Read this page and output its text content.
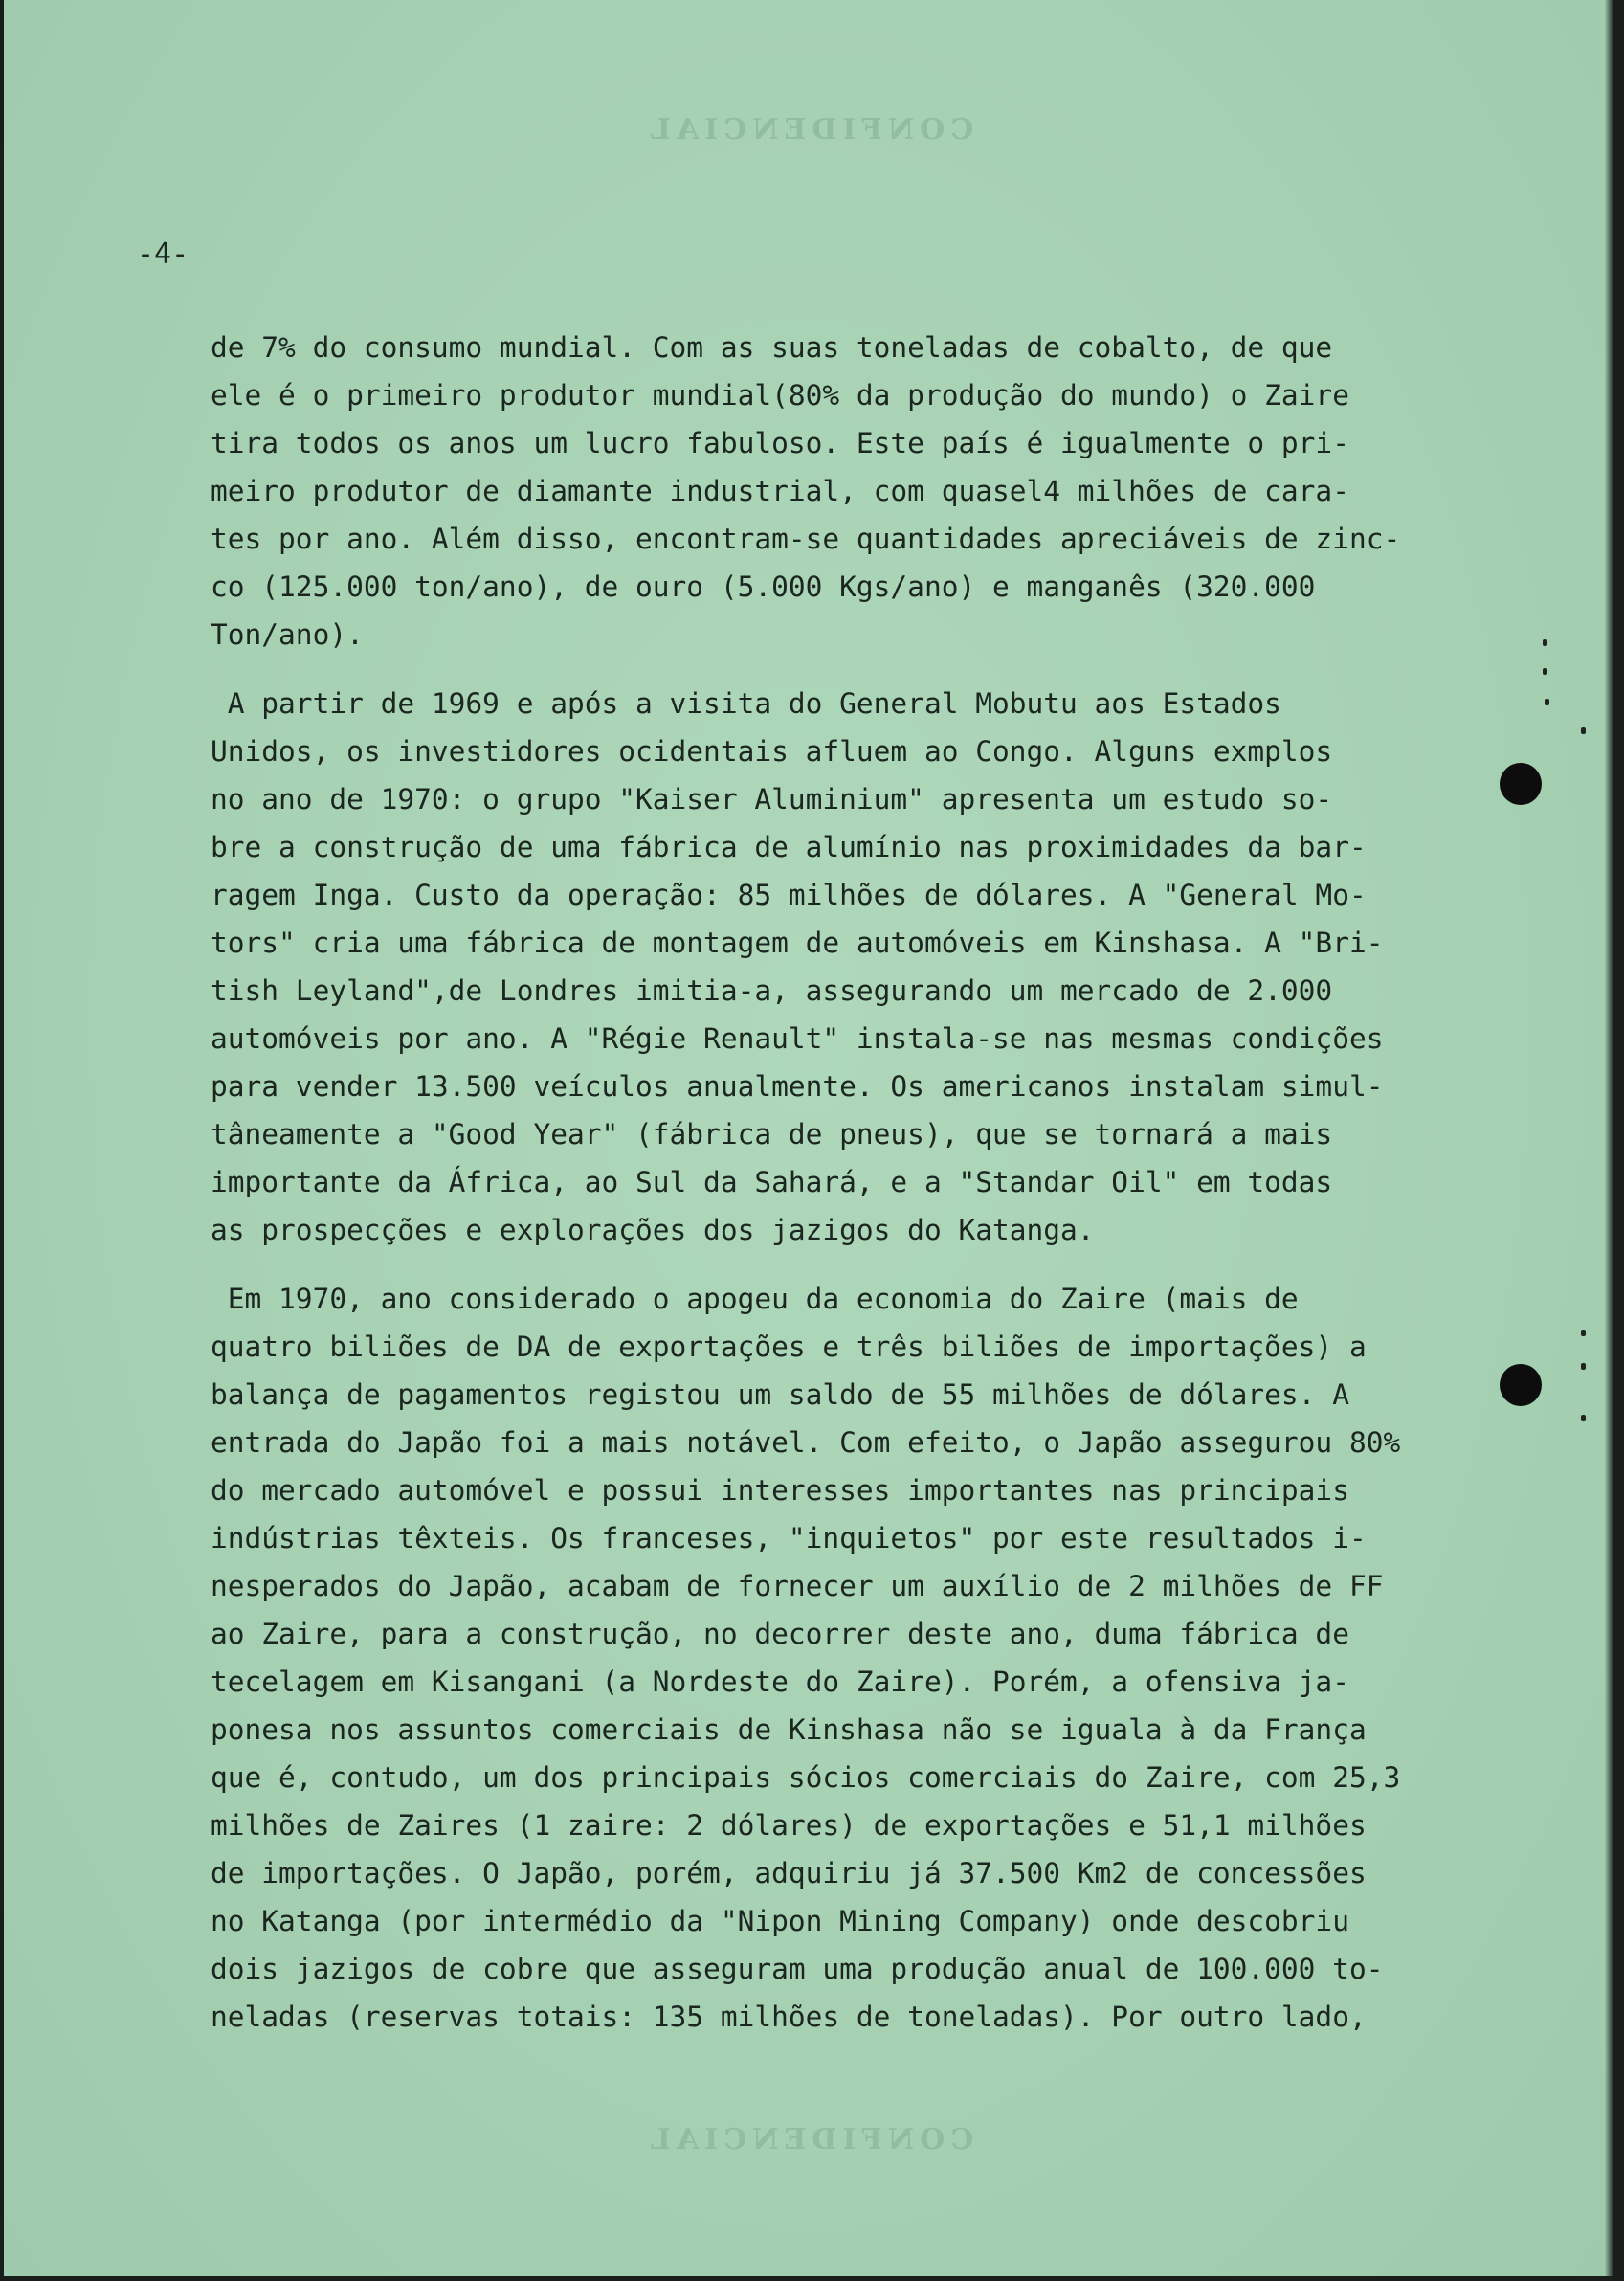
CONFIDENCIAL
CONFIDENCIAL
-4-

de 7% do consumo mundial. Com as suas toneladas de cobalto, de que

ele é o primeiro produtor mundial(80% da produção do mundo) o Zaire

tira todos os anos um lucro fabuloso. Este país é igualmente o pri-

meiro produtor de diamante industrial, com quasel4 milhões de cara-

tes por ano. Além disso, encontram-se quantidades apreciáveis de zinc-

co (125.000 ton/ano), de ouro (5.000 Kgs/ano) e manganês (320.000

Ton/ano).

A partir de 1969 e após a visita do General Mobutu aos Estados

Unidos, os investidores ocidentais afluem ao Congo. Alguns exmplos

no ano de 1970: o grupo "Kaiser Aluminium" apresenta um estudo so-

bre a construção de uma fábrica de alumínio nas proximidades da bar-

ragem Inga. Custo da operação: 85 milhões de dólares. A "General Mo-

tors" cria uma fábrica de montagem de automóveis em Kinshasa. A "Bri-

tish Leyland",de Londres imitia-a, assegurando um mercado de 2.000

automóveis por ano. A "Régie Renault" instala-se nas mesmas condições

para vender 13.500 veículos anualmente. Os americanos instalam simul-

tâneamente a "Good Year" (fábrica de pneus), que se tornará a mais

importante da África, ao Sul da Sahará, e a "Standar Oil" em todas

as prospecções e explorações dos jazigos do Katanga.

Em 1970, ano considerado o apogeu da economia do Zaire (mais de

quatro biliões de DA de exportações e três biliões de importações) a

balança de pagamentos registou um saldo de 55 milhões de dólares. A

entrada do Japão foi a mais notável. Com efeito, o Japão assegurou 80%

do mercado automóvel e possui interesses importantes nas principais

indústrias têxteis. Os franceses, "inquietos" por este resultados i-

nesperados do Japão, acabam de fornecer um auxílio de 2 milhões de FF

ao Zaire, para a construção, no decorrer deste ano, duma fábrica de

tecelagem em Kisangani (a Nordeste do Zaire). Porém, a ofensiva ja-

ponesa nos assuntos comerciais de Kinshasa não se iguala à da França

que é, contudo, um dos principais sócios comerciais do Zaire, com 25,3

milhões de Zaires (1 zaire: 2 dólares) de exportações e 51,1 milhões

de importações. O Japão, porém, adquiriu já 37.500 Km2 de concessões

no Katanga (por intermédio da "Nipon Mining Company) onde descobriu

dois jazigos de cobre que asseguram uma produção anual de 100.000 to-

neladas (reservas totais: 135 milhões de toneladas). Por outro lado,
